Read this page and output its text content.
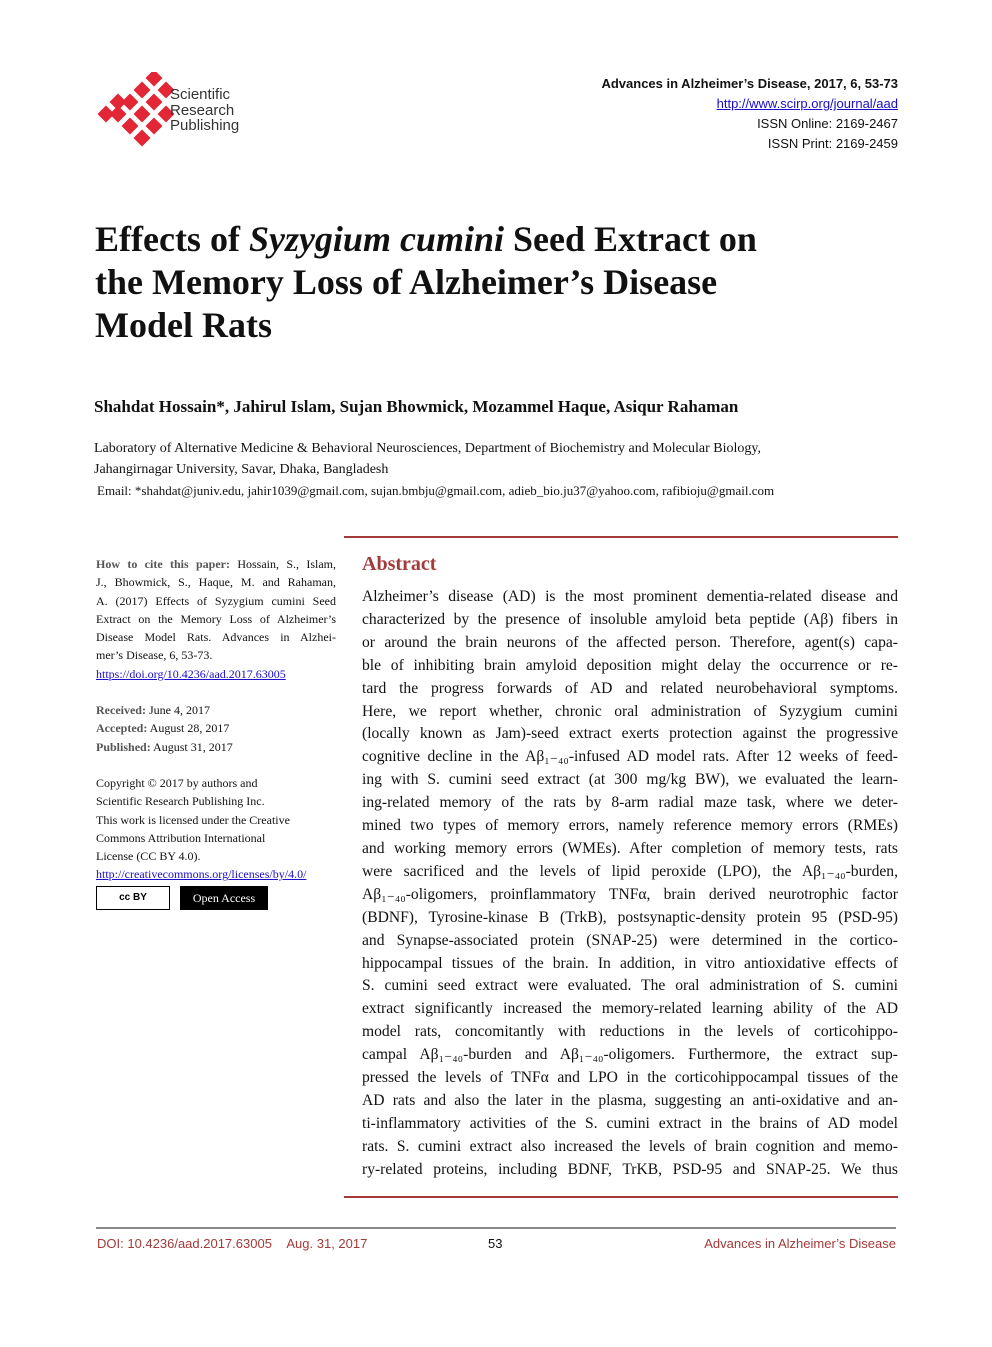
Scientific
Research
Publishing
Advances in Alzheimer’s Disease, 2017, 6, 53-73
http://www.scirp.org/journal/aad
ISSN Online: 2169-2467
ISSN Print: 2169-2459
Effects of Syzygium cumini Seed Extract on
the Memory Loss of Alzheimer’s Disease
Model Rats
Shahdat Hossain*, Jahirul Islam, Sujan Bhowmick, Mozammel Haque, Asiqur Rahaman
Laboratory of Alternative Medicine & Behavioral Neurosciences, Department of Biochemistry and Molecular Biology,
Jahangirnagar University, Savar, Dhaka, Bangladesh
Email: *shahdat@juniv.edu, jahir1039@gmail.com, sujan.bmbju@gmail.com, adieb_bio.ju37@yahoo.com, rafibioju@gmail.com
How to cite this paper: Hossain, S., Islam,
J., Bhowmick, S., Haque, M. and Rahaman,
A. (2017) Effects of Syzygium cumini Seed
Extract on the Memory Loss of Alzheimer’s
Disease Model Rats. Advances in Alzhei-
mer’s Disease, 6, 53-73.
https://doi.org/10.4236/aad.2017.63005
Received: June 4, 2017
Accepted: August 28, 2017
Published: August 31, 2017
Copyright © 2017 by authors and
Scientific Research Publishing Inc.
This work is licensed under the Creative
Commons Attribution International
License (CC BY 4.0).
http://creativecommons.org/licenses/by/4.0/
cc BY	Open Access
Abstract
Alzheimer’s disease (AD) is the most prominent dementia-related disease and
characterized by the presence of insoluble amyloid beta peptide (Aβ) fibers in
or around the brain neurons of the affected person. Therefore, agent(s) capa-
ble of inhibiting brain amyloid deposition might delay the occurrence or re-
tard the progress forwards of AD and related neurobehavioral symptoms.
Here, we report whether, chronic oral administration of Syzygium cumini
(locally known as Jam)-seed extract exerts protection against the progressive
cognitive decline in the Aβ₁₋₄₀-infused AD model rats. After 12 weeks of feed-
ing with S. cumini seed extract (at 300 mg/kg BW), we evaluated the learn-
ing-related memory of the rats by 8-arm radial maze task, where we deter-
mined two types of memory errors, namely reference memory errors (RMEs)
and working memory errors (WMEs). After completion of memory tests, rats
were sacrificed and the levels of lipid peroxide (LPO), the Aβ₁₋₄₀-burden,
Aβ₁₋₄₀-oligomers, proinflammatory TNFα, brain derived neurotrophic factor
(BDNF), Tyrosine-kinase B (TrkB), postsynaptic-density protein 95 (PSD-95)
and Synapse-associated protein (SNAP-25) were determined in the cortico-
hippocampal tissues of the brain. In addition, in vitro antioxidative effects of
S. cumini seed extract were evaluated. The oral administration of S. cumini
extract significantly increased the memory-related learning ability of the AD
model rats, concomitantly with reductions in the levels of corticohippo-
campal Aβ₁₋₄₀-burden and Aβ₁₋₄₀-oligomers. Furthermore, the extract sup-
pressed the levels of TNFα and LPO in the corticohippocampal tissues of the
AD rats and also the later in the plasma, suggesting an anti-oxidative and an-
ti-inflammatory activities of the S. cumini extract in the brains of AD model
rats. S. cumini extract also increased the levels of brain cognition and memo-
ry-related proteins, including BDNF, TrKB, PSD-95 and SNAP-25. We thus
DOI: 10.4236/aad.2017.63005 Aug. 31, 2017	53	Advances in Alzheimer’s Disease
